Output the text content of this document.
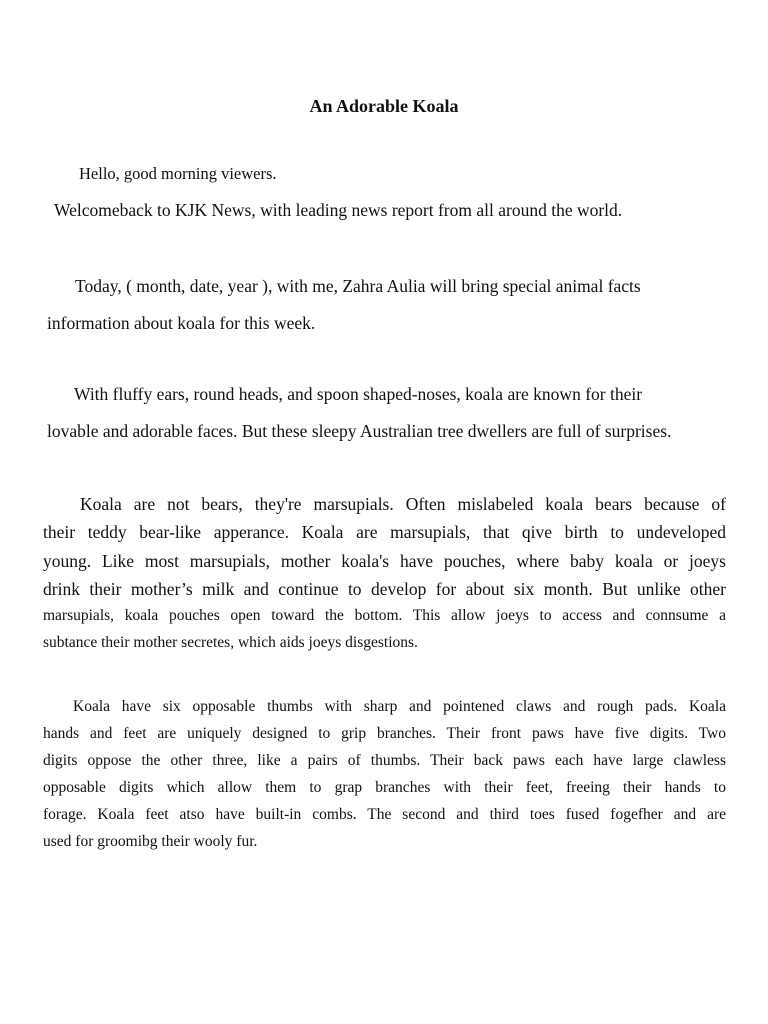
An Adorable Koala
Hello, good morning viewers.
Welcomeback to KJK News, with leading news report from all around the world.
Today, ( month, date, year ), with me, Zahra Aulia will bring special animal facts
information about koala for this week.
With fluffy ears, round heads, and spoon shaped-noses, koala are known for their
lovable and adorable faces. But these sleepy Australian tree dwellers are full of surprises.
Koala are not bears, they're marsupials. Often mislabeled koala bears because of
their teddy bear-like apperance. Koala are marsupials, that qive birth to undeveloped
young. Like most marsupials, mother koala's have pouches, where baby koala or joeys
drink their mother’s milk and continue to develop for about six month. But unlike other
marsupials, koala pouches open toward the bottom. This allow joeys to access and connsume a
subtance their mother secretes, which aids joeys disgestions.
Koala have six opposable thumbs with sharp and pointened claws and rough pads. Koala
hands and feet are uniquely designed to grip branches. Their front paws have five digits. Two
digits oppose the other three, like a pairs of thumbs. Their back paws each have large clawless
opposable digits which allow them to grap branches with their feet, freeing their hands to
forage. Koala feet atso have built-in combs. The second and third toes fused fogefher and are
used for groomibg their wooly fur.
